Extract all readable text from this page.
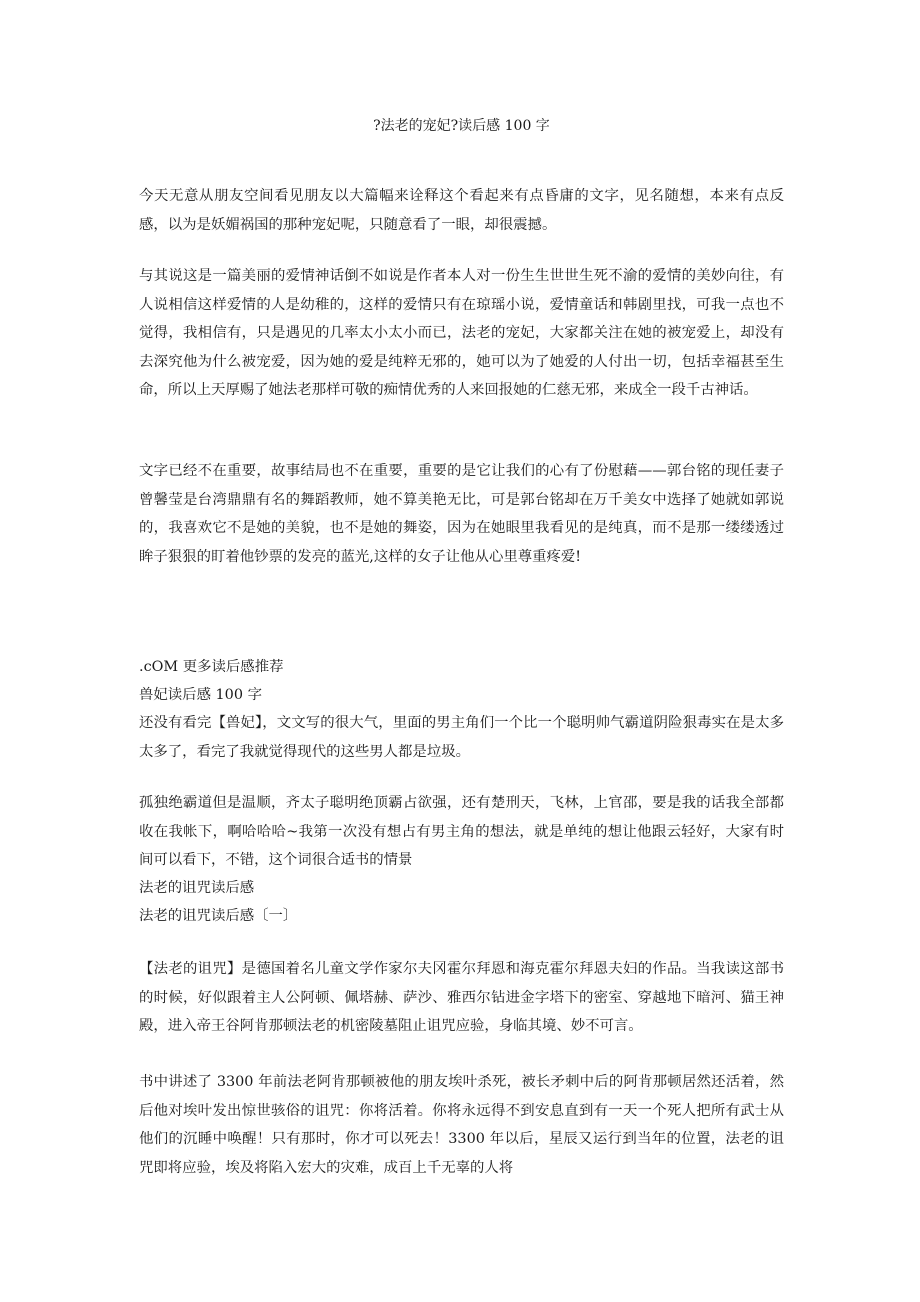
?法老的宠妃?读后感 100 字

今天无意从朋友空间看见朋友以大篇幅来诠释这个看起来有点昏庸的文字，见名随想，本来有点反感，以为是妖媚祸国的那种宠妃呢，只随意看了一眼，却很震撼。

与其说这是一篇美丽的爱情神话倒不如说是作者本人对一份生生世世生死不渝的爱情的美妙向往，有人说相信这样爱情的人是幼稚的，这样的爱情只有在琼瑶小说，爱情童话和韩剧里找，可我一点也不觉得，我相信有，只是遇见的几率太小太小而已，法老的宠妃，大家都关注在她的被宠爱上，却没有去深究他为什么被宠爱，因为她的爱是纯粹无邪的，她可以为了她爱的人付出一切，包括幸福甚至生命，所以上天厚赐了她法老那样可敬的痴情优秀的人来回报她的仁慈无邪，来成全一段千古神话。

文字已经不在重要，故事结局也不在重要，重要的是它让我们的心有了份慰藉——郭台铭的现任妻子曾馨莹是台湾鼎鼎有名的舞蹈教师，她不算美艳无比，可是郭台铭却在万千美女中选择了她就如郭说的，我喜欢它不是她的美貌，也不是她的舞姿，因为在她眼里我看见的是纯真，而不是那一缕缕透过眸子狠狠的盯着他钞票的发亮的蓝光,这样的女子让他从心里尊重疼爱!

.cOM 更多读后感推荐
兽妃读后感 100 字

还没有看完【兽妃】，文文写的很大气，里面的男主角们一个比一个聪明帅气霸道阴险狠毒实在是太多太多了，看完了我就觉得现代的这些男人都是垃圾。

孤独绝霸道但是温顺，齐太子聪明绝顶霸占欲强，还有楚刑天，飞林，上官邵，要是我的话我全部都收在我帐下，啊哈哈哈~我第一次没有想占有男主角的想法，就是单纯的想让他跟云轻好，大家有时间可以看下，不错，这个词很合适书的情景

法老的诅咒读后感
法老的诅咒读后感〔一〕

【法老的诅咒】是德国着名儿童文学作家尔夫冈霍尔拜恩和海克霍尔拜恩夫妇的作品。当我读这部书的时候，好似跟着主人公阿顿、佩塔赫、萨沙、雅西尔钻进金字塔下的密室、穿越地下暗河、猫王神殿，进入帝王谷阿肯那顿法老的机密陵墓阻止诅咒应验，身临其境、妙不可言。

书中讲述了 3300 年前法老阿肯那顿被他的朋友埃叶杀死，被长矛刺中后的阿肯那顿居然还活着，然后他对埃叶发出惊世骇俗的诅咒：你将活着。你将永远得不到安息直到有一天一个死人把所有武士从他们的沉睡中唤醒！只有那时，你才可以死去！3300 年以后，星辰又运行到当年的位置，法老的诅咒即将应验，埃及将陷入宏大的灾难，成百上千无辜的人将
